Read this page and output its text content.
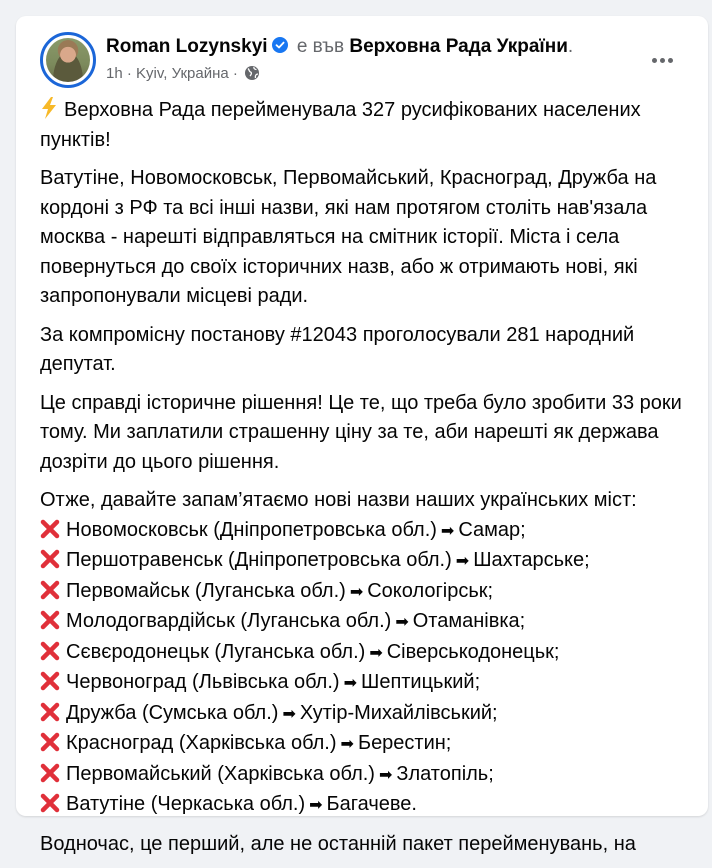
Roman Lozynskyi е във Верховна Рада України.
1h · Kyiv, Украйна ·
Верховна Рада перейменувала 327 русифікованих населених пунктів!
Ватутіне, Новомосковськ, Первомайський, Красноград, Дружба на кордоні з РФ та всі інші назви, які нам протягом століть нав'язала москва - нарешті відправляться на смітник історії. Міста і села повернуться до своїх історичних назв, або ж отримають нові, які запропонували місцеві ради.
За компромісну постанову #12043 проголосували 281 народний депутат.
Це справді історичне рішення! Це те, що треба було зробити 33 роки тому. Ми заплатили страшенну ціну за те, аби нарешті як держава дозріти до цього рішення.
Отже, давайте запам’ятаємо нові назви наших українських міст:
Новомосковськ (Дніпропетровська обл.) ➡ Самар;
Першотравенськ (Дніпропетровська обл.) ➡ Шахтарське;
Первомайськ (Луганська обл.) ➡ Сокологірськ;
Молодогвардійськ (Луганська обл.) ➡ Отаманівка;
Сєвєродонецьк (Луганська обл.) ➡ Сіверськодонецьк;
Червоноград (Львівська обл.) ➡ Шептицький;
Дружба (Сумська обл.) ➡ Хутір-Михайлівський;
Красноград (Харківська обл.) ➡ Берестин;
Первомайський (Харківська обл.) ➡ Златопіль;
Ватутіне (Черкаська обл.) ➡ Багачеве.
Водночас, це перший, але не останній пакет перейменувань, на
